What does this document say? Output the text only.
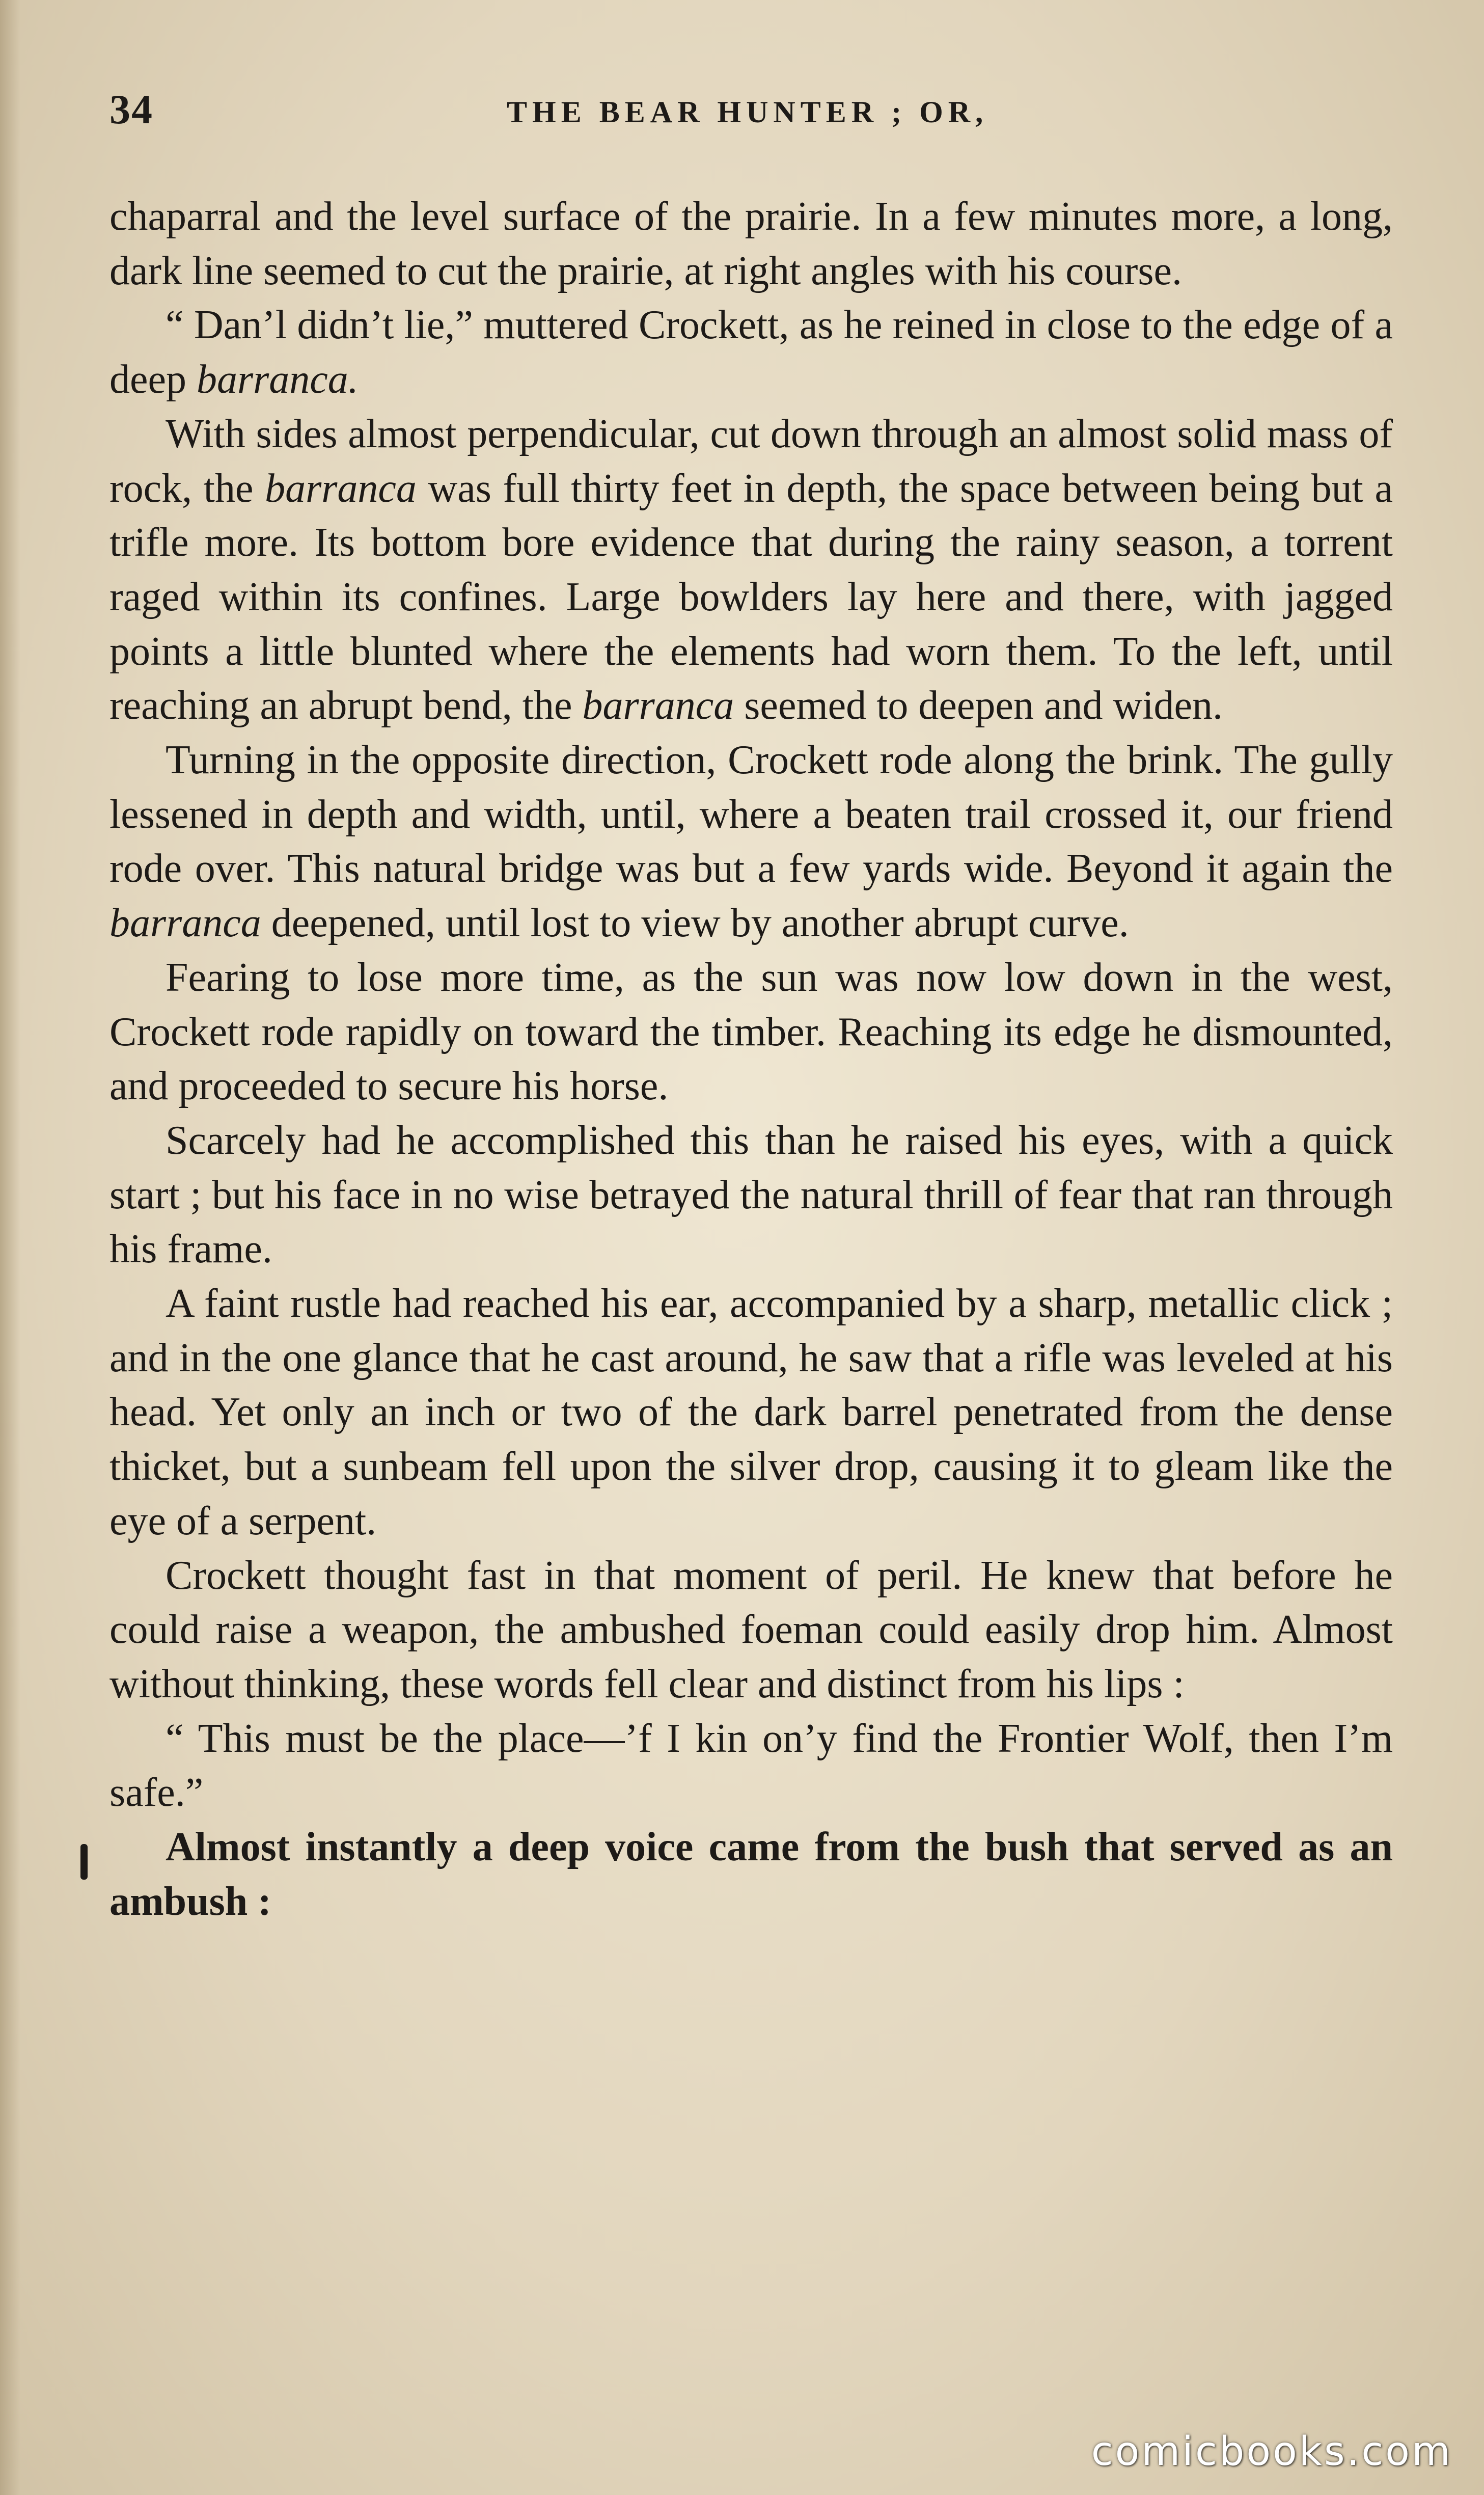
34	THE BEAR HUNTER ; OR,

chaparral and the level surface of the prairie. In a few minutes more, a long, dark line seemed to cut the prairie, at right angles with his course.

“ Dan’l didn’t lie,” muttered Crockett, as he reined in close to the edge of a deep barranca.

With sides almost perpendicular, cut down through an almost solid mass of rock, the barranca was full thirty feet in depth, the space between being but a trifle more. Its bottom bore evidence that during the rainy season, a torrent raged within its confines. Large bowlders lay here and there, with jagged points a little blunted where the elements had worn them. To the left, until reaching an abrupt bend, the barranca seemed to deepen and widen.

Turning in the opposite direction, Crockett rode along the brink. The gully lessened in depth and width, until, where a beaten trail crossed it, our friend rode over. This natural bridge was but a few yards wide. Beyond it again the barranca deepened, until lost to view by another abrupt curve.

Fearing to lose more time, as the sun was now low down in the west, Crockett rode rapidly on toward the timber. Reaching its edge he dismounted, and proceeded to secure his horse.

Scarcely had he accomplished this than he raised his eyes, with a quick start ; but his face in no wise betrayed the natural thrill of fear that ran through his frame.

A faint rustle had reached his ear, accompanied by a sharp, metallic click ; and in the one glance that he cast around, he saw that a rifle was leveled at his head. Yet only an inch or two of the dark barrel penetrated from the dense thicket, but a sunbeam fell upon the silver drop, causing it to gleam like the eye of a serpent.

Crockett thought fast in that moment of peril. He knew that before he could raise a weapon, the ambushed foeman could easily drop him. Almost without thinking, these words fell clear and distinct from his lips :

“ This must be the place—’f I kin on’y find the Frontier Wolf, then I’m safe.”

Almost instantly a deep voice came from the bush that served as an ambush :

comicbooks.com
